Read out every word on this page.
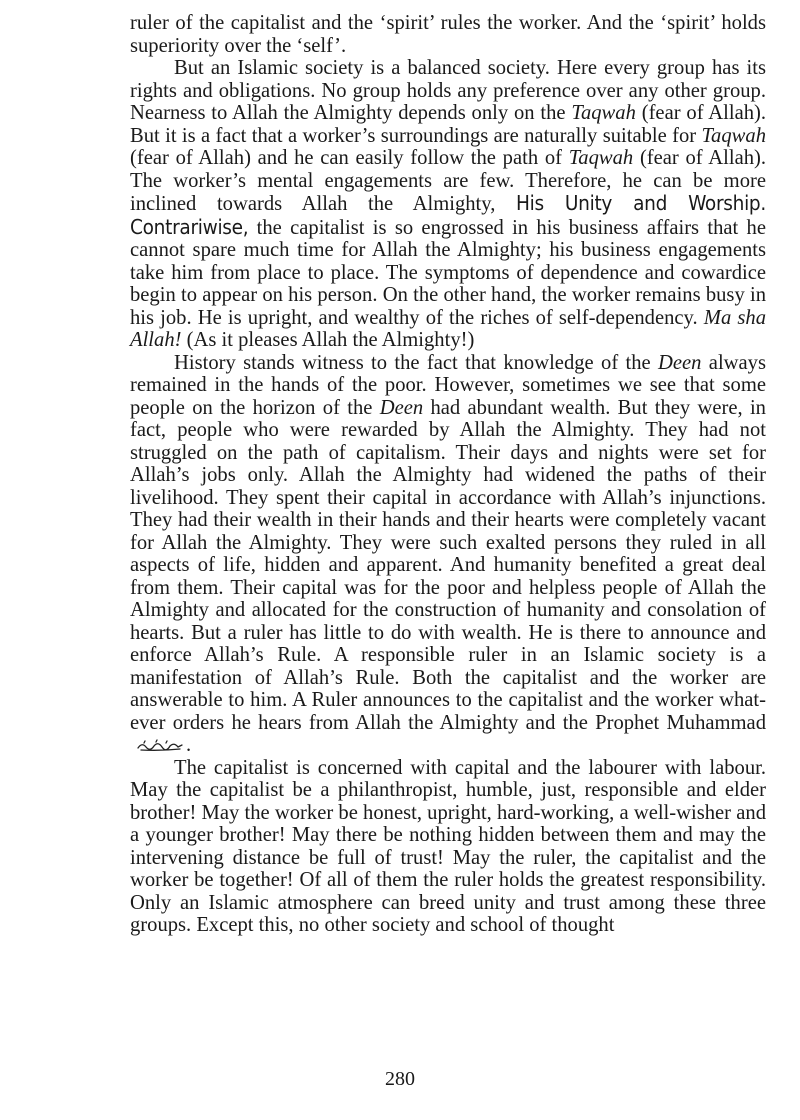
ruler of the capitalist and the ‘spirit’ rules the worker. And the ‘spirit’ holds superiority over the ‘self’.

But an Islamic society is a balanced society. Here every group has its rights and obligations. No group holds any preference over any other group. Nearness to Allah the Almighty depends only on the Taqwah (fear of Allah). But it is a fact that a worker’s surroundings are naturally suitable for Taqwah (fear of Allah) and he can easily follow the path of Taqwah (fear of Allah). The worker’s mental engagements are few. Therefore, he can be more inclined towards Allah the Almighty, His Unity and Worship. Contrariwise, the capitalist is so engrossed in his business affairs that he cannot spare much time for Allah the Almighty; his business engagements take him from place to place. The symptoms of dependence and cowardice begin to appear on his person. On the other hand, the worker remains busy in his job. He is upright, and wealthy of the riches of self-dependency. Ma sha Allah! (As it pleases Allah the Almighty!)

History stands witness to the fact that knowledge of the Deen always remained in the hands of the poor. However, sometimes we see that some people on the horizon of the Deen had abundant wealth. But they were, in fact, people who were rewarded by Allah the Almighty. They had not struggled on the path of capitalism. Their days and nights were set for Allah’s jobs only. Allah the Almighty had widened the paths of their livelihood. They spent their capital in accordance with Allah’s injunctions. They had their wealth in their hands and their hearts were completely vacant for Allah the Almighty. They were such exalted persons they ruled in all aspects of life, hidden and apparent. And humanity benefited a great deal from them. Their capital was for the poor and helpless people of Allah the Almighty and allocated for the construction of humanity and consolation of hearts. But a ruler has little to do with wealth. He is there to announce and enforce Allah’s Rule. A responsible ruler in an Islamic society is a manifestation of Allah’s Rule. Both the capitalist and the worker are answerable to him. A Ruler announces to the capitalist and the worker whatever orders he hears from Allah the Almighty and the Prophet Muhammad.

The capitalist is concerned with capital and the labourer with labour. May the capitalist be a philanthropist, humble, just, responsible and elder brother! May the worker be honest, upright, hard-working, a well-wisher and a younger brother! May there be nothing hidden between them and may the intervening distance be full of trust! May the ruler, the capitalist and the worker be together! Of all of them the ruler holds the greatest responsibility. Only an Islamic atmosphere can breed unity and trust among these three groups. Except this, no other society and school of thought

280
